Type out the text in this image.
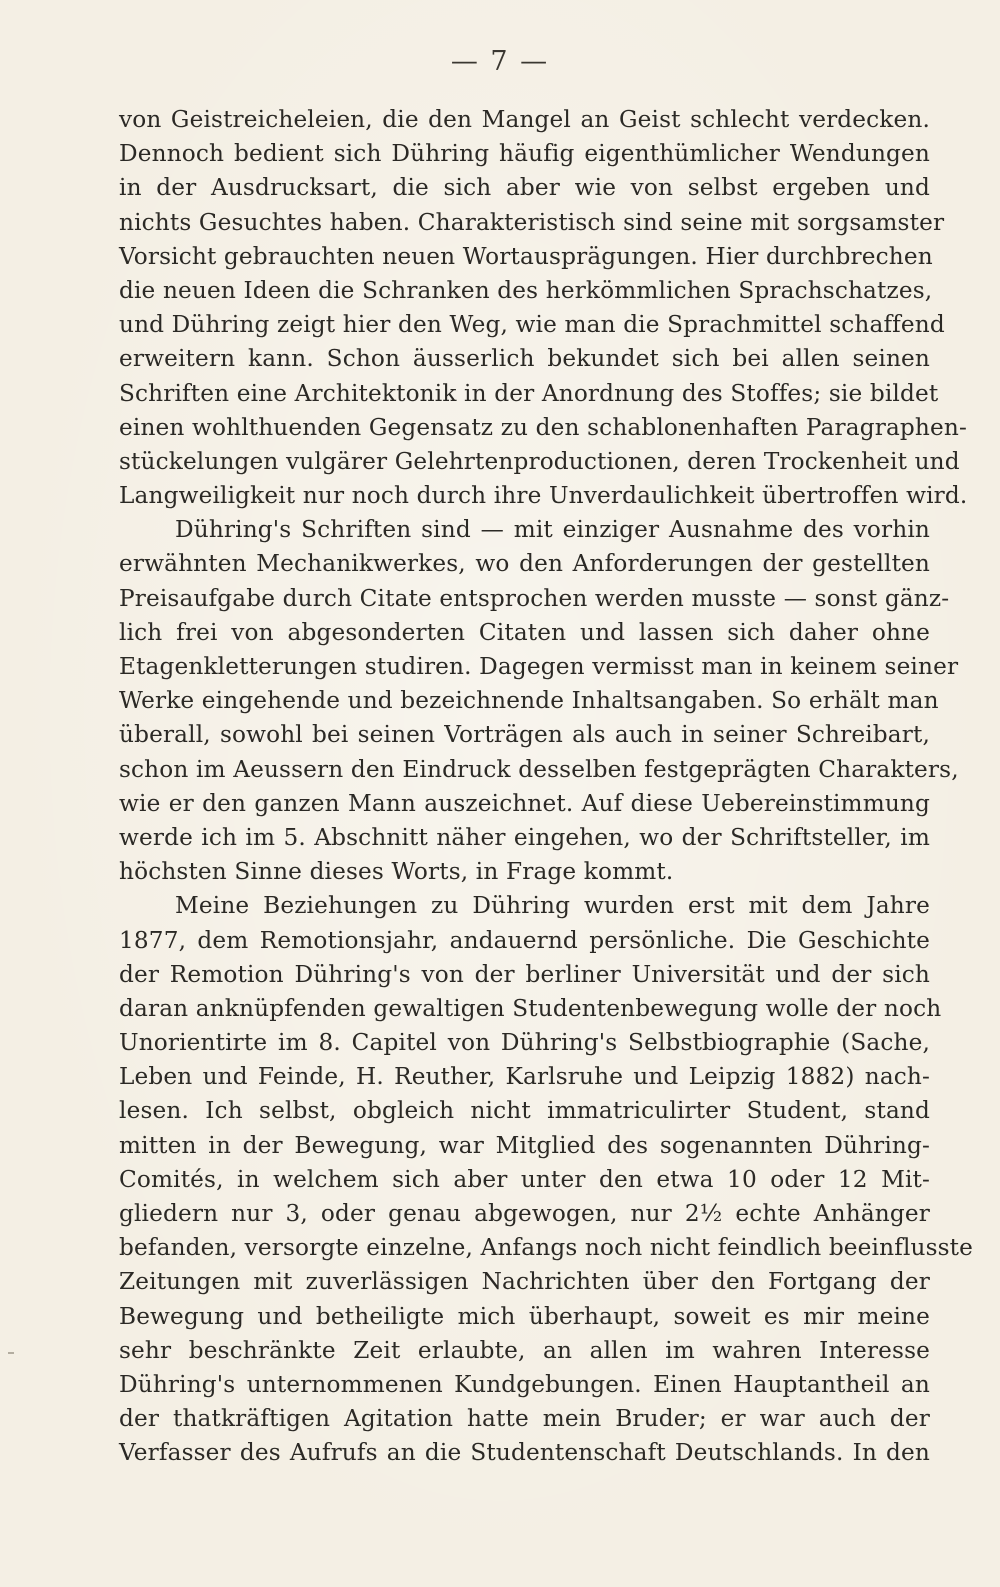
— 7 —
von Geistreicheleien, die den Mangel an Geist schlecht verdecken.
Dennoch bedient sich Dühring häufig eigenthümlicher Wendungen
in der Ausdrucksart, die sich aber wie von selbst ergeben und
nichts Gesuchtes haben. Charakteristisch sind seine mit sorgsamster
Vorsicht gebrauchten neuen Wortausprägungen. Hier durchbrechen
die neuen Ideen die Schranken des herkömmlichen Sprachschatzes,
und Dühring zeigt hier den Weg, wie man die Sprachmittel schaffend
erweitern kann. Schon äusserlich bekundet sich bei allen seinen
Schriften eine Architektonik in der Anordnung des Stoffes; sie bildet
einen wohlthuenden Gegensatz zu den schablonenhaften Paragraphen-
stückelungen vulgärer Gelehrtenproductionen, deren Trockenheit und
Langweiligkeit nur noch durch ihre Unverdaulichkeit übertroffen wird.
Dühring's Schriften sind — mit einziger Ausnahme des vorhin
erwähnten Mechanikwerkes, wo den Anforderungen der gestellten
Preisaufgabe durch Citate entsprochen werden musste — sonst gänz-
lich frei von abgesonderten Citaten und lassen sich daher ohne
Etagenkletterungen studiren. Dagegen vermisst man in keinem seiner
Werke eingehende und bezeichnende Inhaltsangaben. So erhält man
überall, sowohl bei seinen Vorträgen als auch in seiner Schreibart,
schon im Aeussern den Eindruck desselben festgeprägten Charakters,
wie er den ganzen Mann auszeichnet. Auf diese Uebereinstimmung
werde ich im 5. Abschnitt näher eingehen, wo der Schriftsteller, im
höchsten Sinne dieses Worts, in Frage kommt.
Meine Beziehungen zu Dühring wurden erst mit dem Jahre
1877, dem Remotionsjahr, andauernd persönliche. Die Geschichte
der Remotion Dühring's von der berliner Universität und der sich
daran anknüpfenden gewaltigen Studentenbewegung wolle der noch
Unorientirte im 8. Capitel von Dühring's Selbstbiographie (Sache,
Leben und Feinde, H. Reuther, Karlsruhe und Leipzig 1882) nach-
lesen. Ich selbst, obgleich nicht immatriculirter Student, stand
mitten in der Bewegung, war Mitglied des sogenannten Dühring-
Comités, in welchem sich aber unter den etwa 10 oder 12 Mit-
gliedern nur 3, oder genau abgewogen, nur 2½ echte Anhänger
befanden, versorgte einzelne, Anfangs noch nicht feindlich beeinflusste
Zeitungen mit zuverlässigen Nachrichten über den Fortgang der
Bewegung und betheiligte mich überhaupt, soweit es mir meine
sehr beschränkte Zeit erlaubte, an allen im wahren Interesse
Dühring's unternommenen Kundgebungen. Einen Hauptantheil an
der thatkräftigen Agitation hatte mein Bruder; er war auch der
Verfasser des Aufrufs an die Studentenschaft Deutschlands. In den
